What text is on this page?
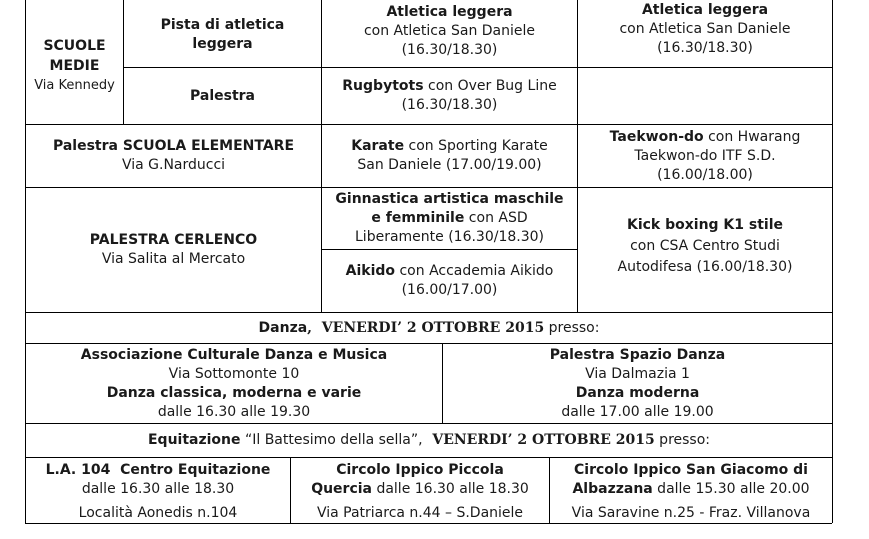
SCUOLE MEDIE
Via Kennedy
Pista di atletica
leggera
Atletica leggera
con Atletica San Daniele
(16.30/18.30)
Atletica leggera
con Atletica San Daniele
(16.30/18.30)
Palestra
Rugbytots con Over Bug Line
(16.30/18.30)
Palestra SCUOLA ELEMENTARE
Via G.Narducci
Karate con Sporting Karate
San Daniele (17.00/19.00)
Taekwon-do con Hwarang
Taekwon-do ITF S.D.
(16.00/18.00)
PALESTRA CERLENCO
Via Salita al Mercato
Ginnastica artistica maschile
e femminile con ASD
Liberamente (16.30/18.30)
Aikido con Accademia Aikido
(16.00/17.00)
Kick boxing K1 stile
con CSA Centro Studi
Autodifesa (16.00/18.30)
Danza ,  VENERDI’ 2 OTTOBRE 2015 presso:
Associazione Culturale Danza e Musica
Via Sottomonte 10
Danza classica, moderna e varie
dalle 16.30 alle 19.30
Palestra Spazio Danza
Via Dalmazia 1
Danza moderna
dalle 17.00 alle 19.00
Equitazione “Il Battesimo della sella”, VENERDI’ 2 OTTOBRE 2015 presso:
L.A. 104  Centro Equitazione
dalle 16.30 alle 18.30
Località Aonedis n.104
Circolo Ippico Piccola
Quercia dalle 16.30 alle 18.30
Via Patriarca n.44 – S.Daniele
Circolo Ippico San Giacomo di
Albazzana dalle 15.30 alle 20.00
Via Saravine n.25 - Fraz. Villanova
